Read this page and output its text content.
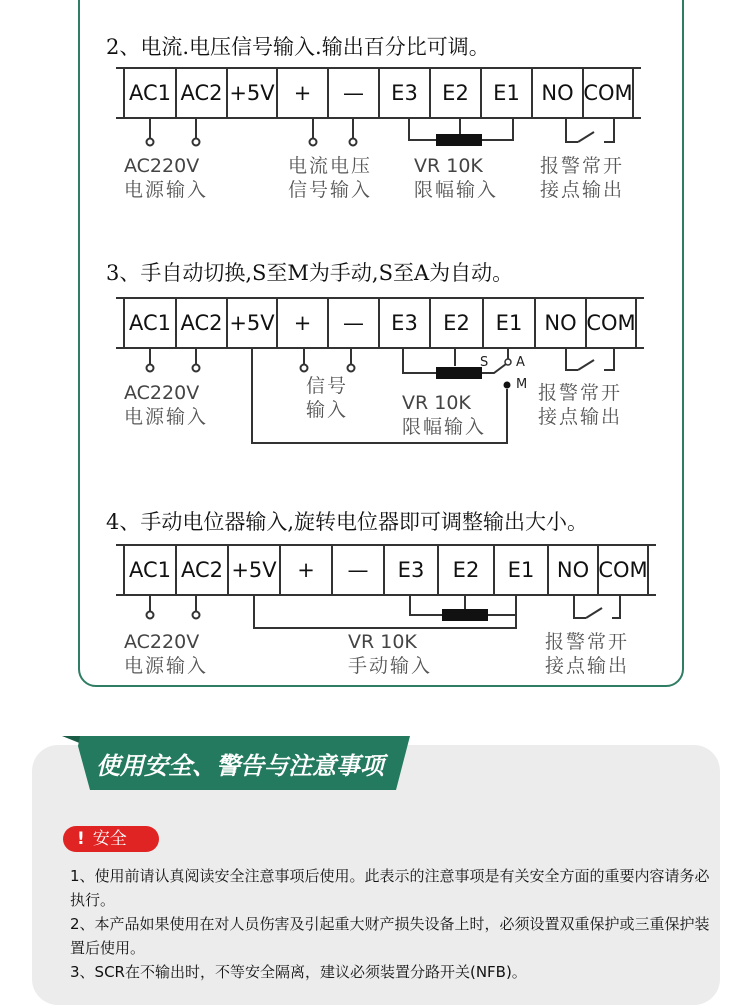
2、电流.电压信号输入.输出百分比可调。
AC1 AC2 +5V + — E3 E2 E1 NO COM
AC220V
电源输入
电流电压
信号输入
VR 10K
限幅输入
报警常开
接点输出
3、手自动切换,S至M为手动,S至A为自动。
AC1 AC2 +5V + — E3 E2 E1 NO COM
S A
M
AC220V
电源输入
信号
输入	VR 10K
限幅输入
报警常开
接点输出
4、手动电位器输入,旋转电位器即可调整输出大小。
AC1 AC2 +5V + — E3 E2 E1 NO COM
AC220V
电源输入
VR 10K
手动输入
报警常开
接点输出
使用安全、警告与注意事项
! 安全
1、使用前请认真阅读安全注意事项后使用。此表示的注意事项是有关安全方面的重要内容请务必执行。
2、本产品如果使用在对人员伤害及引起重大财产损失设备上时，必须设置双重保护或三重保护装置后使用。
3、SCR在不输出时，不等安全隔离，建议必须装置分路开关(NFB)。
